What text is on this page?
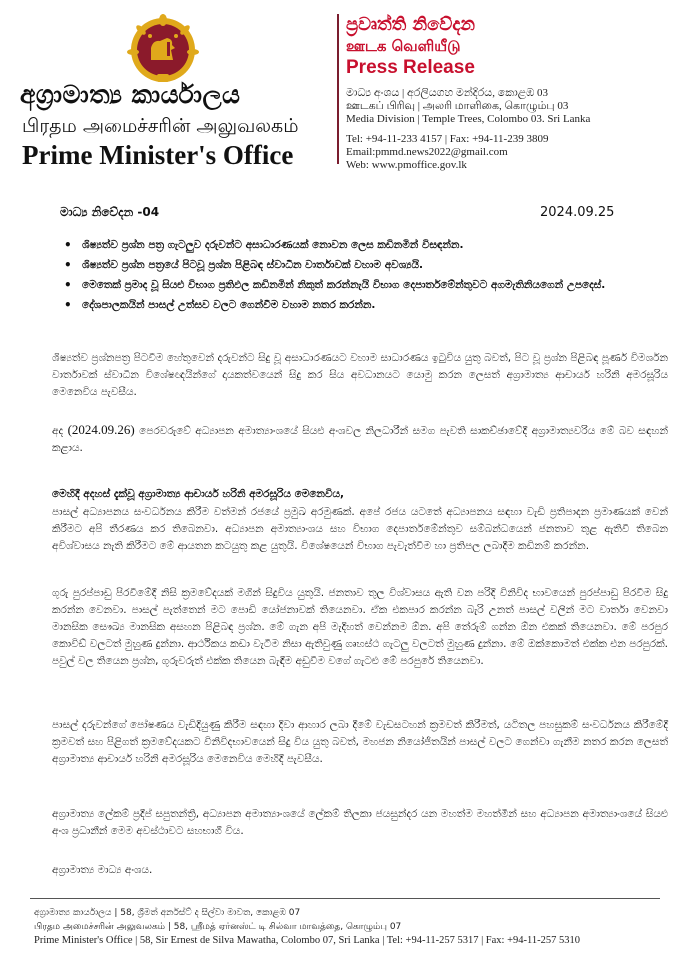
අග්‍රාමාත්‍ය කාර්යාලය
பிரதம அமைச்சரின் அலுவலகம்
Prime Minister's Office
ප්‍රවෘත්ති නිවේදන
ஊடக வெளியீடு
Press Release
මාධ්‍ය අංශය | අරලියගහ මන්දිරය, කොළඹ 03
ஊடகப் பிரிவு | அலரி மாளிகை, கொழும்பு 03
Media Division | Temple Trees, Colombo 03. Sri Lanka
Tel: +94-11-233 4157 | Fax: +94-11-239 3809
Email:pmmd.news2022@gmail.com
Web: www.pmoffice.gov.lk
මාධ්‍ය නිවේදන -04	2024.09.25
• ශිෂ්‍යත්ව ප්‍රශ්න පත්‍ර ගැටලුව දරුවන්ට අසාධාරණයක් නොවන ලෙස කඩිනමින් විසඳන්න.
• ශිෂ්‍යත්ව ප්‍රශ්න පත්‍රයේ පිටවූ ප්‍රශ්න පිළිබඳ ස්වාධීන වාර්තාවක් වහාම අවශ්‍යයි.
• මෙතෙක් ප්‍රමාද වූ සියළු විභාග ප්‍රතිඵල කඩිනමින් නිකුත් කරන්නැයි විභාග දෙපාර්තමේන්තුවට අගමැතිනියගෙන් උපදෙස්.
• දේශපාලකයින් පාසල් උත්සව වලට ගෙන්වීම වහාම නතර කරන්න.

ශිෂ්‍යත්ව ප්‍රශ්නපත්‍ර පිටවීම හේතුවෙන් දරුවන්ට සිදු වූ අසාධාරණයට වහාම සාධාරණය ඉටුවිය යුතු බවත්, පිට වූ ප්‍රශ්න පිළිබඳ පූර්ණ විමර්ශන වාර්තාවක් ස්වාධීන විශේෂඥයින්ගේ දායකත්වයෙන් සිදු කර සිය අවධානයට යොමු කරන ලෙසත් අග්‍රාමාත්‍ය ආචාර්ය හරිනි අමරසූරිය මෙනෙවිය පැවසීය.

අද (2024.09.26) පෙරවරුවේ අධ්‍යාපන අමාත්‍යාංශයේ සියළු අංශවල නිලධාරීන් සමග පැවති සාකච්ඡාවේදී අග්‍රාමාත්‍යවරිය මේ බව සඳහන් කළාය.

මෙහිදී අදහස් දැක්වූ අග්‍රාමාත්‍ය ආචාර්ය හරිනි අමරසූරිය මෙනෙවිය,

පාසල් අධ්‍යාපනය සංවර්ධනය කිරීම වත්මන් රජයේ ප්‍රමුඛ අරමුණක්. අපේ රජය යටතේ අධ්‍යාපනය සඳහා වැඩි ප්‍රතිපාදන ප්‍රමාණයක් වෙන් කිරීමට අපි තීරණය කර තිබෙනවා. අධ්‍යාපන අමාත්‍යාංශය සහ විභාග දෙපාර්තමේන්තුව සම්බන්ධයෙන් ජනතාව තුළ ඇතිවී තිබෙන අවිශ්වාසය නැති කිරීමට මේ ආයතන කටයුතු කළ යුතුයි. විශේෂයෙන් විභාග පැවැත්වීම හා ප්‍රතිපල ලබාදීම කඩිනම් කරන්න.

ගුරු පුරප්පාඩු පිරවීමේදී නිසි ක්‍රමවේදයක් මගින් සිදුවිය යුතුයි. ජනතාව තුල විශ්වාසය ඇති වන පරිදි විනිවිද භාවයෙන් පුරප්පාඩු පිරවීම සිදු කරන්න වෙනවා. පාසල් පැත්තෙන් මට පොඩි යෝජනාවක් තියෙනවා. ඒක එකපාර කරන්න බැරි උනත් පාසල් වලින් මට වාර්තා වෙනවා මානසික සෞඛ්‍ය මානසික අසහන පිළිබඳ ප්‍රශ්න. මේ ගැන අපි මැදිහත් වෙන්නම ඕන. අපි තේරුම් ගන්න ඕන එකක් තියෙනවා. මේ පරපුර කොවිඩ් වලටත් මුහුණ දුන්නා. ආර්ථිකය කඩා වැටීම නිසා ඇතිවුණු ගෘහස්ථ ගැටලු වලටත් මුහුණ දුන්නා. මේ ඔක්කොමත් එක්ක එන පරපුරක්. පවුල් වල තියෙන ප්‍රශ්න, ගුරුවරුත් එක්ක තියෙන බැඳීම අඩුවීම වගේ ගැටළු මේ පරපුරේ තියෙනවා.

පාසල් දරුවන්ගේ පෝෂණය වැඩිදියුණු කිරීම සඳහා දිවා ආහාර ලබා දීමේ වැඩසටහන් ක්‍රමවත් කිරීමත්, යටිතල පහසුකම් සංවර්ධනය කිරීමේදී ක්‍රමවත් සහ පිළිගත් ක්‍රමවේදයකට විනිවිදභාවයෙන් සිදු විය යුතු බවත්, මහජන නියෝජිතයින් පාසල් වලට ගෙන්වා ගැනීම නතර කරන ලෙසත් අග්‍රාමාත්‍ය ආචාර්ය හරිනි අමරසූරිය මෙනෙවිය මෙහිදී පැවසීය.

අග්‍රාමාත්‍ය ලේකම් ප්‍රදීප් සපුතන්ත්‍රි, අධ්‍යාපන අමාත්‍යාංශයේ ලේකම් තිලකා ජයසුන්දර යන මහත්ම මහත්මීන් සහ අධ්‍යාපන අමාත්‍යාංශයේ සියළු අංශ ප්‍රධානීන් මෙම අවස්ථාවට සහභාගී විය.

අග්‍රාමාත්‍ය මාධ්‍ය අංශය.

අග්‍රාමාත්‍ය කාර්යාලය | 58, ශ්‍රීමත් අර්නස්ට් ද සිල්වා මාවත, කොළඹ 07
பிரதம அமைச்சரின் அலுவலகம் | 58, ஸ்ரீமத் ஏர்னஸ்ட் டி சில்வா மாவத்தை, கொழும்பு 07
Prime Minister's Office | 58, Sir Ernest de Silva Mawatha, Colombo 07, Sri Lanka | Tel: +94-11-257 5317 | Fax: +94-11-257 5310
